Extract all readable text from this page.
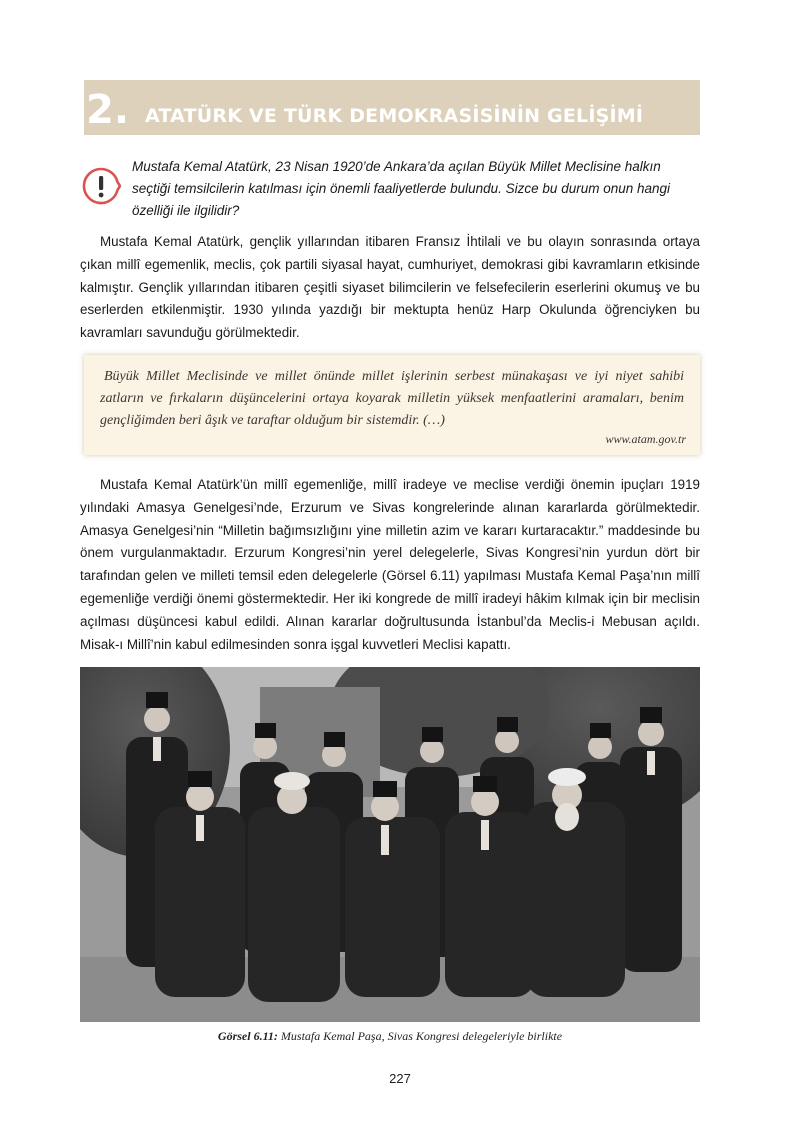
2. ATATÜRK VE TÜRK DEMOKRASİSİNİN GELİŞİMİ

Mustafa Kemal Atatürk, 23 Nisan 1920’de Ankara’da açılan Büyük Millet Meclisine halkın seçtiği temsilcilerin katılması için önemli faaliyetlerde bulundu. Sizce bu durum onun hangi özelliği ile ilgilidir?

Mustafa Kemal Atatürk, gençlik yıllarından itibaren Fransız İhtilali ve bu olayın sonrasında ortaya çıkan millî egemenlik, meclis, çok partili siyasal hayat, cumhuriyet, demokrasi gibi kavramların etkisinde kalmıştır. Gençlik yıllarından itibaren çeşitli siyaset bilimcilerin ve felsefecilerin eserlerini okumuş ve bu eserlerden etkilenmiştir. 1930 yılında yazdığı bir mektupta henüz Harp Okulunda öğrenciyken bu kavramları savunduğu görülmektedir.

Büyük Millet Meclisinde ve millet önünde millet işlerinin serbest münakaşası ve iyi niyet sahibi zatların ve fırkaların düşüncelerini ortaya koyarak milletin yüksek menfaatlerini aramaları, benim gençliğimden beri âşık ve taraftar olduğum bir sistemdir. (…)

www.atam.gov.tr

Mustafa Kemal Atatürk’ün millî egemenliğe, millî iradeye ve meclise verdiği önemin ipuçları 1919 yılındaki Amasya Genelgesi’nde, Erzurum ve Sivas kongrelerinde alınan kararlarda görülmektedir. Amasya Genelgesi’nin “Milletin bağımsızlığını yine milletin azim ve kararı kurtaracaktır.” maddesinde bu önem vurgulanmaktadır. Erzurum Kongresi’nin yerel delegelerle, Sivas Kongresi’nin yurdun dört bir tarafından gelen ve milleti temsil eden delegelerle (Görsel 6.11) yapılması Mustafa Kemal Paşa’nın millî egemenliğe verdiği önemi göstermektedir. Her iki kongrede de millî iradeyi hâkim kılmak için bir meclisin açılması düşüncesi kabul edildi. Alınan kararlar doğrultusunda İstanbul’da Meclis-i Mebusan açıldı. Misak-ı Millî’nin kabul edilmesinden sonra işgal kuvvetleri Meclisi kapattı.

Görsel 6.11: Mustafa Kemal Paşa, Sivas Kongresi delegeleriyle birlikte
227
